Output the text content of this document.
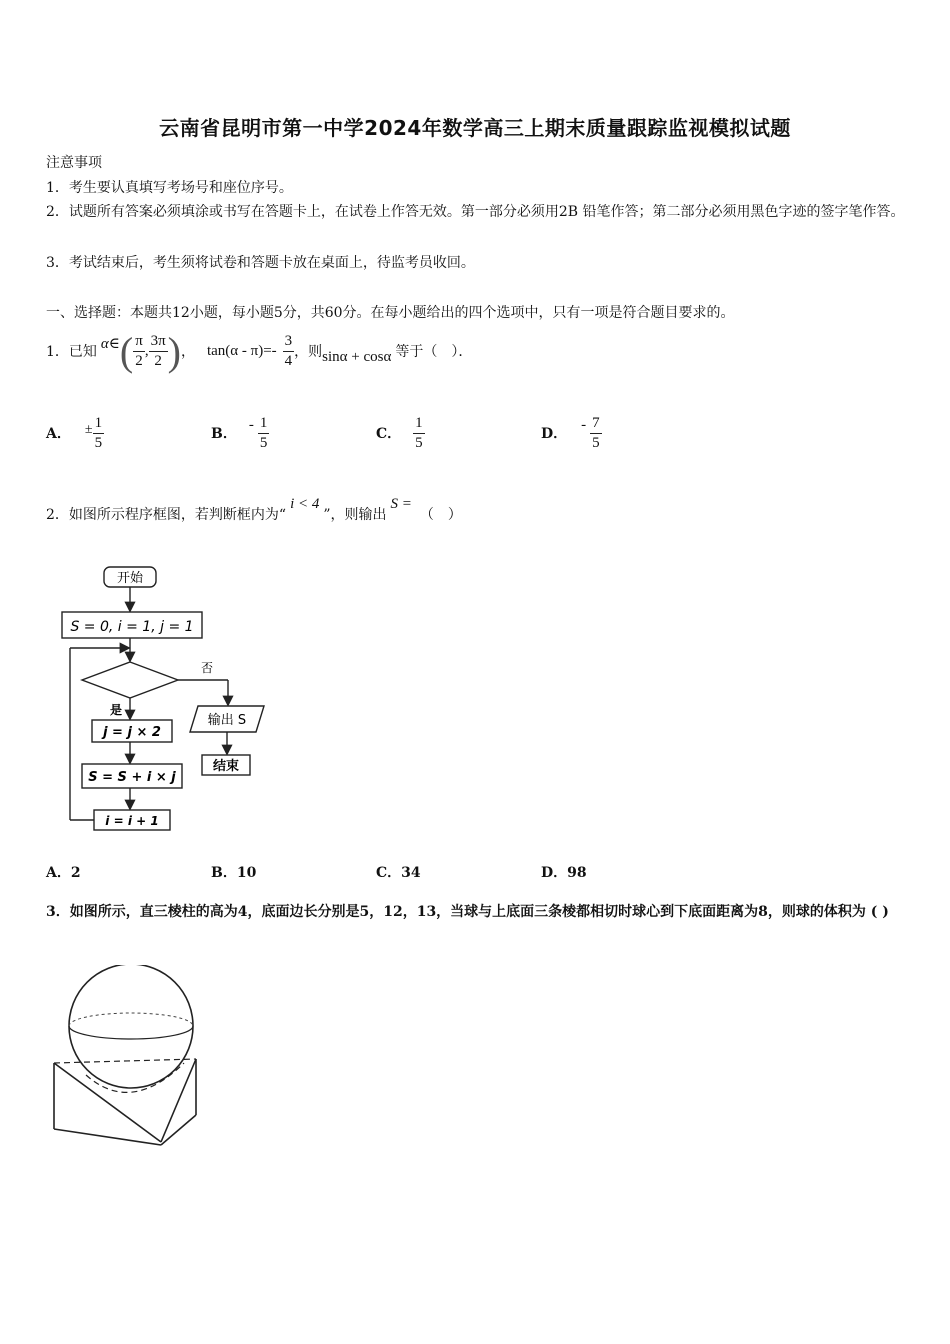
云南省昆明市第一中学2024年数学高三上期末质量跟踪监视模拟试题
注意事项
1．考生要认真填写考场号和座位序号。
2．试题所有答案必须填涂或书写在答题卡上，在试卷上作答无效。第一部分必须用2B 铅笔作答；第二部分必须用黑色字迹的签字笔作答。
3．考试结束后，考生须将试卷和答题卡放在桌面上，待监考员收回。
一、选择题：本题共12小题，每小题5分，共60分。在每小题给出的四个选项中，只有一项是符合题目要求的。
1．已知
α∈ ( $\frac{\pi}{2}$ , $\frac{3\pi}{2}$ ) ， $\tan(\alpha - \pi)=- \frac{3}{4}$ ，则 sinα + cosα 等于（　）．
A． ± $\frac{1}{5}$	B．
- $\frac{1}{5}$	C． $\frac{1}{5}$	D．
- $\frac{7}{5}$
2．如图所示程序框图，若判断框内为“
i < 4
”，则输出
S =
（　）
开始
S = 0, i = 1, j = 1
否
输出 S
结束
是
j = j × 2
S = S + i × j
i = i + 1
A．2	B．10	C．34	D．98
3．如图所示，直三棱柱的高为4，底面边长分别是5，12，13，当球与上底面三条棱都相切时球心到下底面距离为8，则球的体积为 ( )
